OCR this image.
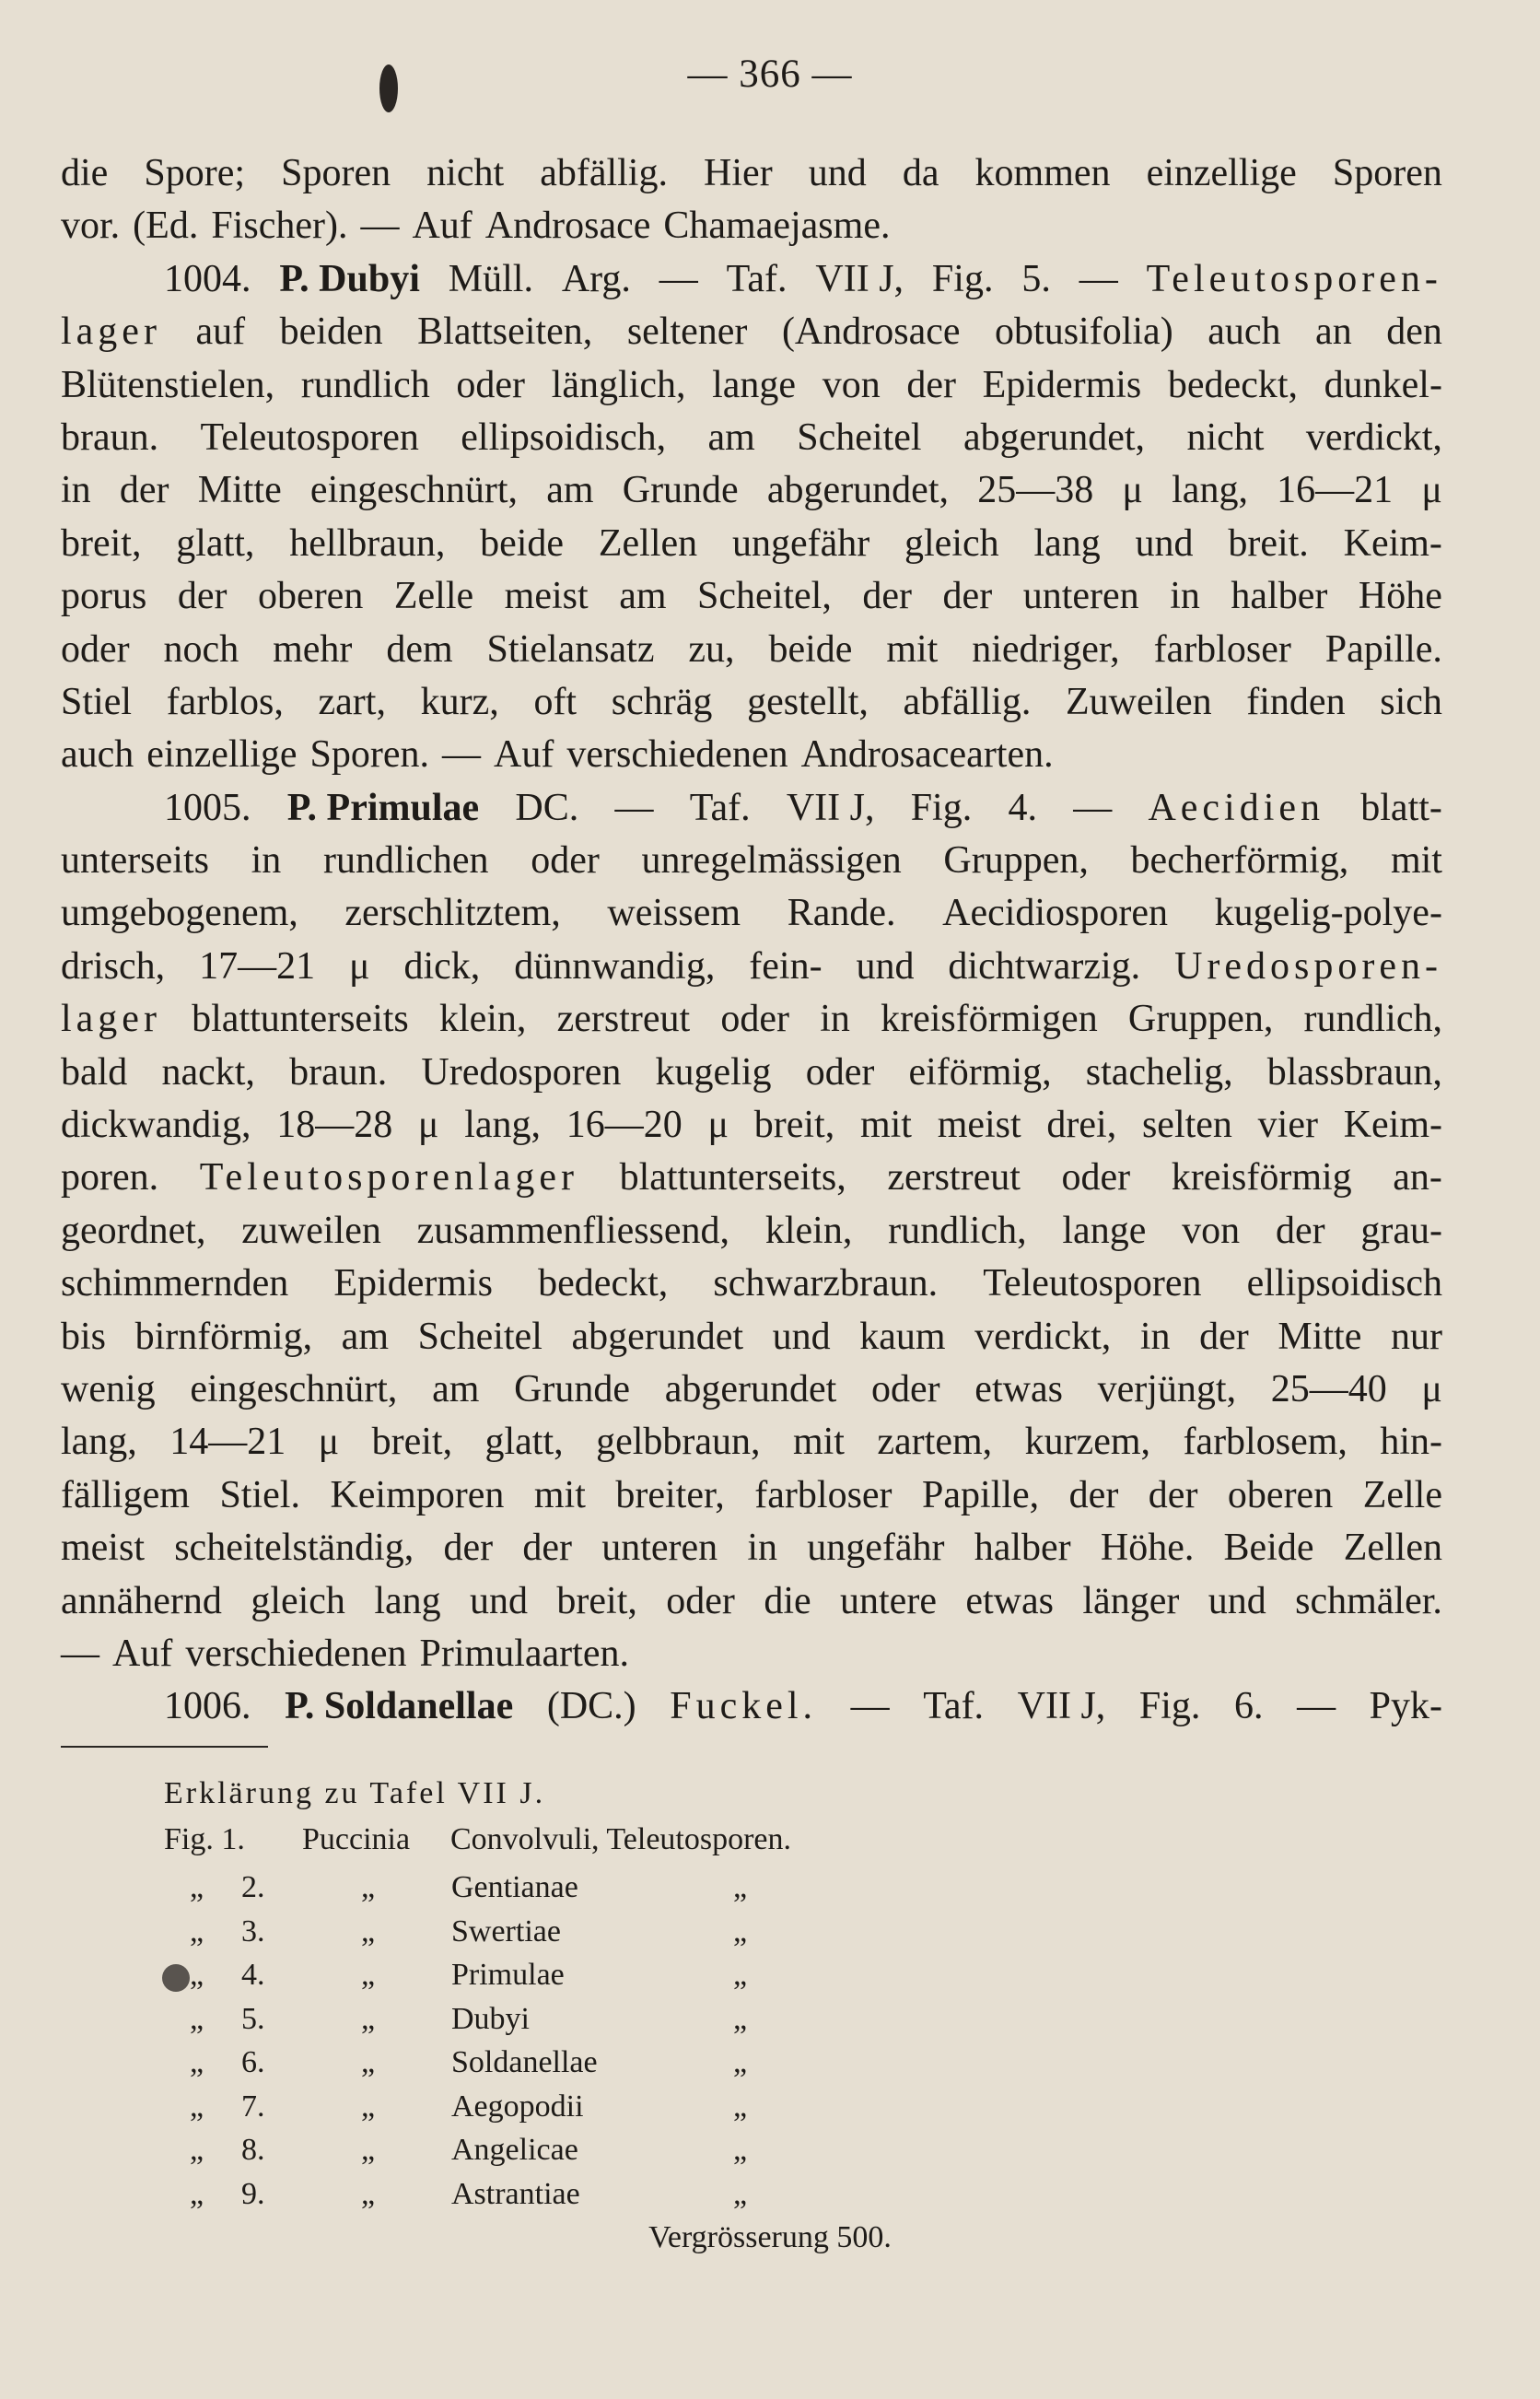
— 366 —
die Spore; Sporen nicht abfällig. Hier und da kommen einzellige Sporen
vor. (Ed. Fischer). — Auf Androsace Chamaejasme.
1004. P. Dubyi Müll. Arg. — Taf. VII J, Fig. 5. — Teleutosporen-
lager auf beiden Blattseiten, seltener (Androsace obtusifolia) auch an den
Blütenstielen, rundlich oder länglich, lange von der Epidermis bedeckt, dunkel-
braun. Teleutosporen ellipsoidisch, am Scheitel abgerundet, nicht verdickt,
in der Mitte eingeschnürt, am Grunde abgerundet, 25—38 μ lang, 16—21 μ
breit, glatt, hellbraun, beide Zellen ungefähr gleich lang und breit. Keim-
porus der oberen Zelle meist am Scheitel, der der unteren in halber Höhe
oder noch mehr dem Stielansatz zu, beide mit niedriger, farbloser Papille.
Stiel farblos, zart, kurz, oft schräg gestellt, abfällig. Zuweilen finden sich
auch einzellige Sporen. — Auf verschiedenen Androsacearten.
1005. P. Primulae DC. — Taf. VII J, Fig. 4. — Aecidien blatt-
unterseits in rundlichen oder unregelmässigen Gruppen, becherförmig, mit
umgebogenem, zerschlitztem, weissem Rande. Aecidiosporen kugelig-polye-
drisch, 17—21 μ dick, dünnwandig, fein- und dichtwarzig. Uredosporen-
lager blattunterseits klein, zerstreut oder in kreisförmigen Gruppen, rundlich,
bald nackt, braun. Uredosporen kugelig oder eiförmig, stachelig, blassbraun,
dickwandig, 18—28 μ lang, 16—20 μ breit, mit meist drei, selten vier Keim-
poren. Teleutosporenlager blattunterseits, zerstreut oder kreisförmig an-
geordnet, zuweilen zusammenfliessend, klein, rundlich, lange von der grau-
schimmernden Epidermis bedeckt, schwarzbraun. Teleutosporen ellipsoidisch
bis birnförmig, am Scheitel abgerundet und kaum verdickt, in der Mitte nur
wenig eingeschnürt, am Grunde abgerundet oder etwas verjüngt, 25—40 μ
lang, 14—21 μ breit, glatt, gelbbraun, mit zartem, kurzem, farblosem, hin-
fälligem Stiel. Keimporen mit breiter, farbloser Papille, der der oberen Zelle
meist scheitelständig, der der unteren in ungefähr halber Höhe. Beide Zellen
annähernd gleich lang und breit, oder die untere etwas länger und schmäler.
— Auf verschiedenen Primulaarten.
1006. P. Soldanellae (DC.) Fuckel. — Taf. VII J, Fig. 6. — Pyk-
Erklärung zu Tafel VII J.
Fig. 1. Puccinia Convolvuli, Teleutosporen.
Vergrösserung 500.
„ 2.	„ Gentianae	„
„ 3.	„ Swertiae	„
„ 4.	„ Primulae	„
„ 5.	„ Dubyi	„
„ 6.	„ Soldanellae	„
„ 7.	„ Aegopodii	„
„ 8.	„ Angelicae	„
„ 9.	„ Astrantiae	„
